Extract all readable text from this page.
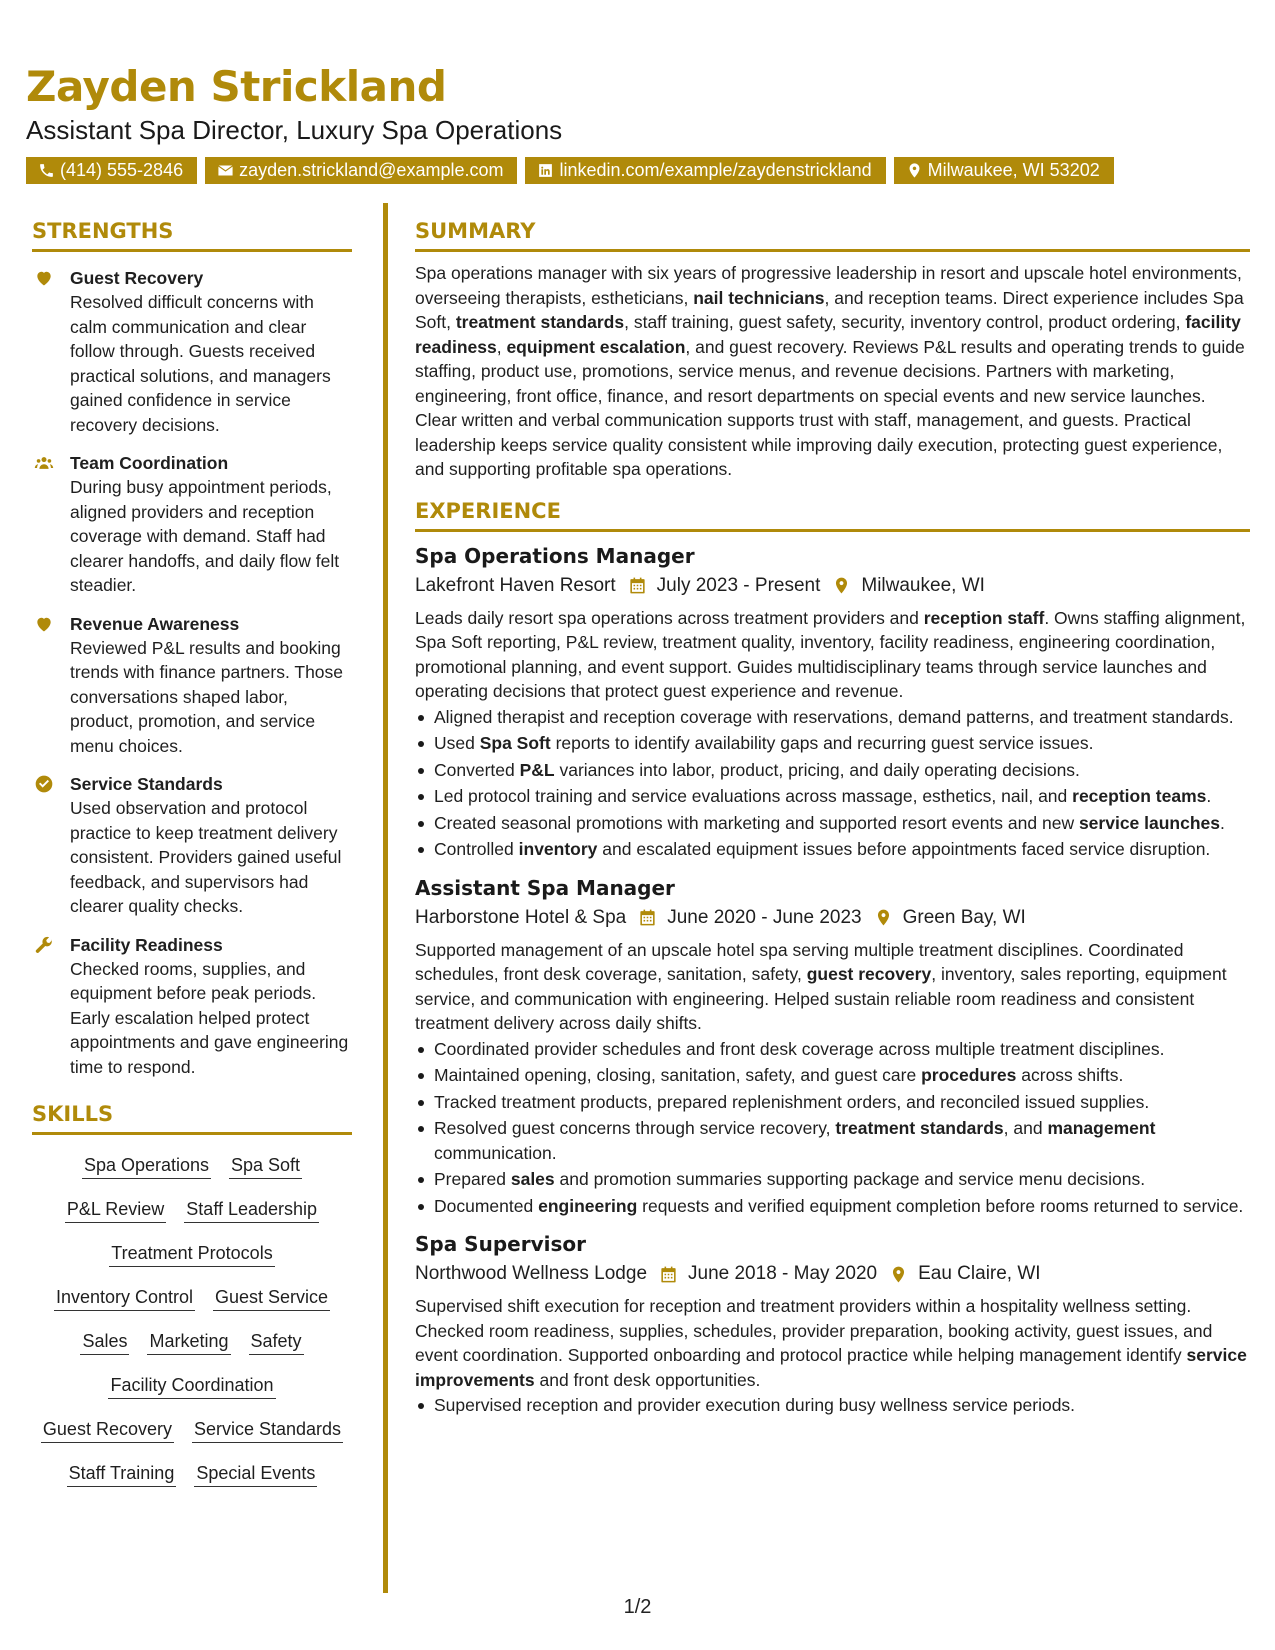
Zayden Strickland
Assistant Spa Director, Luxury Spa Operations
(414) 555-2846	zayden.strickland@example.com	linkedin.com/example/zaydenstrickland	Milwaukee, WI 53202
STRENGTHS
Guest Recovery
Resolved difficult concerns with calm communication and clear follow through. Guests received practical solutions, and managers gained confidence in service recovery decisions.
Team Coordination
During busy appointment periods, aligned providers and reception coverage with demand. Staff had clearer handoffs, and daily flow felt steadier.
Revenue Awareness
Reviewed P&L results and booking trends with finance partners. Those conversations shaped labor, product, promotion, and service menu choices.
Service Standards
Used observation and protocol practice to keep treatment delivery consistent. Providers gained useful feedback, and supervisors had clearer quality checks.
Facility Readiness
Checked rooms, supplies, and equipment before peak periods. Early escalation helped protect appointments and gave engineering time to respond.
SKILLS
Spa Operations Spa Soft
P&L Review Staff Leadership
Treatment Protocols
Inventory Control Guest Service
Sales Marketing Safety
Facility Coordination
Guest Recovery Service Standards
Staff Training Special Events
SUMMARY

Spa operations manager with six years of progressive leadership in resort and upscale hotel environments, overseeing therapists, estheticians, nail technicians, and reception teams. Direct experience includes Spa Soft, treatment standards, staff training, guest safety, security, inventory control, product ordering, facility readiness, equipment escalation, and guest recovery. Reviews P&L results and operating trends to guide staffing, product use, promotions, service menus, and revenue decisions. Partners with marketing, engineering, front office, finance, and resort departments on special events and new service launches. Clear written and verbal communication supports trust with staff, management, and guests. Practical leadership keeps service quality consistent while improving daily execution, protecting guest experience, and supporting profitable spa operations.

EXPERIENCE
Spa Operations Manager
Lakefront Haven Resort July 2023 - Present Milwaukee, WI

Leads daily resort spa operations across treatment providers and reception staff. Owns staffing alignment, Spa Soft reporting, P&L review, treatment quality, inventory, facility readiness, engineering coordination, promotional planning, and event support. Guides multidisciplinary teams through service launches and operating decisions that protect guest experience and revenue.

Aligned therapist and reception coverage with reservations, demand patterns, and treatment standards.
Used Spa Soft reports to identify availability gaps and recurring guest service issues.
Converted P&L variances into labor, product, pricing, and daily operating decisions.
Led protocol training and service evaluations across massage, esthetics, nail, and reception teams.
Created seasonal promotions with marketing and supported resort events and new service launches.
Controlled inventory and escalated equipment issues before appointments faced service disruption.
Assistant Spa Manager
Harborstone Hotel & Spa June 2020 - June 2023 Green Bay, WI

Supported management of an upscale hotel spa serving multiple treatment disciplines. Coordinated schedules, front desk coverage, sanitation, safety, guest recovery, inventory, sales reporting, equipment service, and communication with engineering. Helped sustain reliable room readiness and consistent treatment delivery across daily shifts.

Coordinated provider schedules and front desk coverage across multiple treatment disciplines.
Maintained opening, closing, sanitation, safety, and guest care procedures across shifts.
Tracked treatment products, prepared replenishment orders, and reconciled issued supplies.
Resolved guest concerns through service recovery, treatment standards, and management communication.
Prepared sales and promotion summaries supporting package and service menu decisions.
Documented engineering requests and verified equipment completion before rooms returned to service.
Spa Supervisor
Northwood Wellness Lodge June 2018 - May 2020 Eau Claire, WI

Supervised shift execution for reception and treatment providers within a hospitality wellness setting. Checked room readiness, supplies, schedules, provider preparation, booking activity, guest issues, and event coordination. Supported onboarding and protocol practice while helping management identify service improvements and front desk opportunities.

Supervised reception and provider execution during busy wellness service periods.
1/2
